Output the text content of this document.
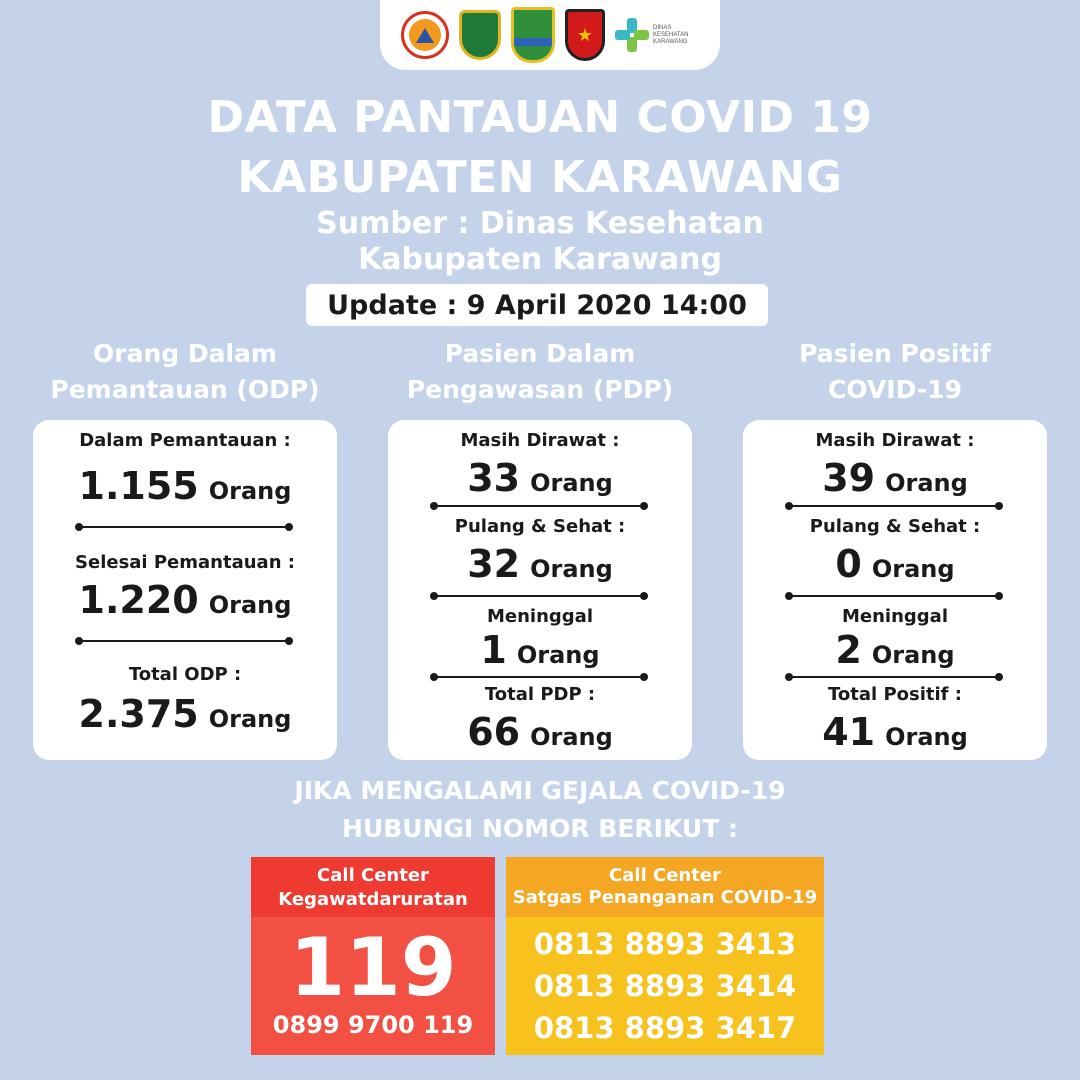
★	DINAS KESEHATAN KARAWANG
DATA PANTAUAN COVID 19
KABUPATEN KARAWANG
Sumber : Dinas Kesehatan
Kabupaten Karawang
Update : 9 April 2020 14:00
Orang Dalam
Pemantauan (ODP)
Pasien Dalam
Pengawasan (PDP)
Pasien Positif
COVID-19
Dalam Pemantauan :
1.155 Orang
Selesai Pemantauan :
1.220 Orang
Total ODP :
2.375 Orang
Masih Dirawat :
33 Orang
Pulang & Sehat :
32 Orang
Meninggal
1 Orang
Total PDP :
66 Orang
Masih Dirawat :
39 Orang
Pulang & Sehat :
0 Orang
Meninggal
2 Orang
Total Positif :
41 Orang
JIKA MENGALAMI GEJALA COVID-19
HUBUNGI NOMOR BERIKUT :
Call Center
Kegawatdaruratan
119
0899 9700 119
Call Center
Satgas Penanganan COVID-19
0813 8893 3413
0813 8893 3414
0813 8893 3417
